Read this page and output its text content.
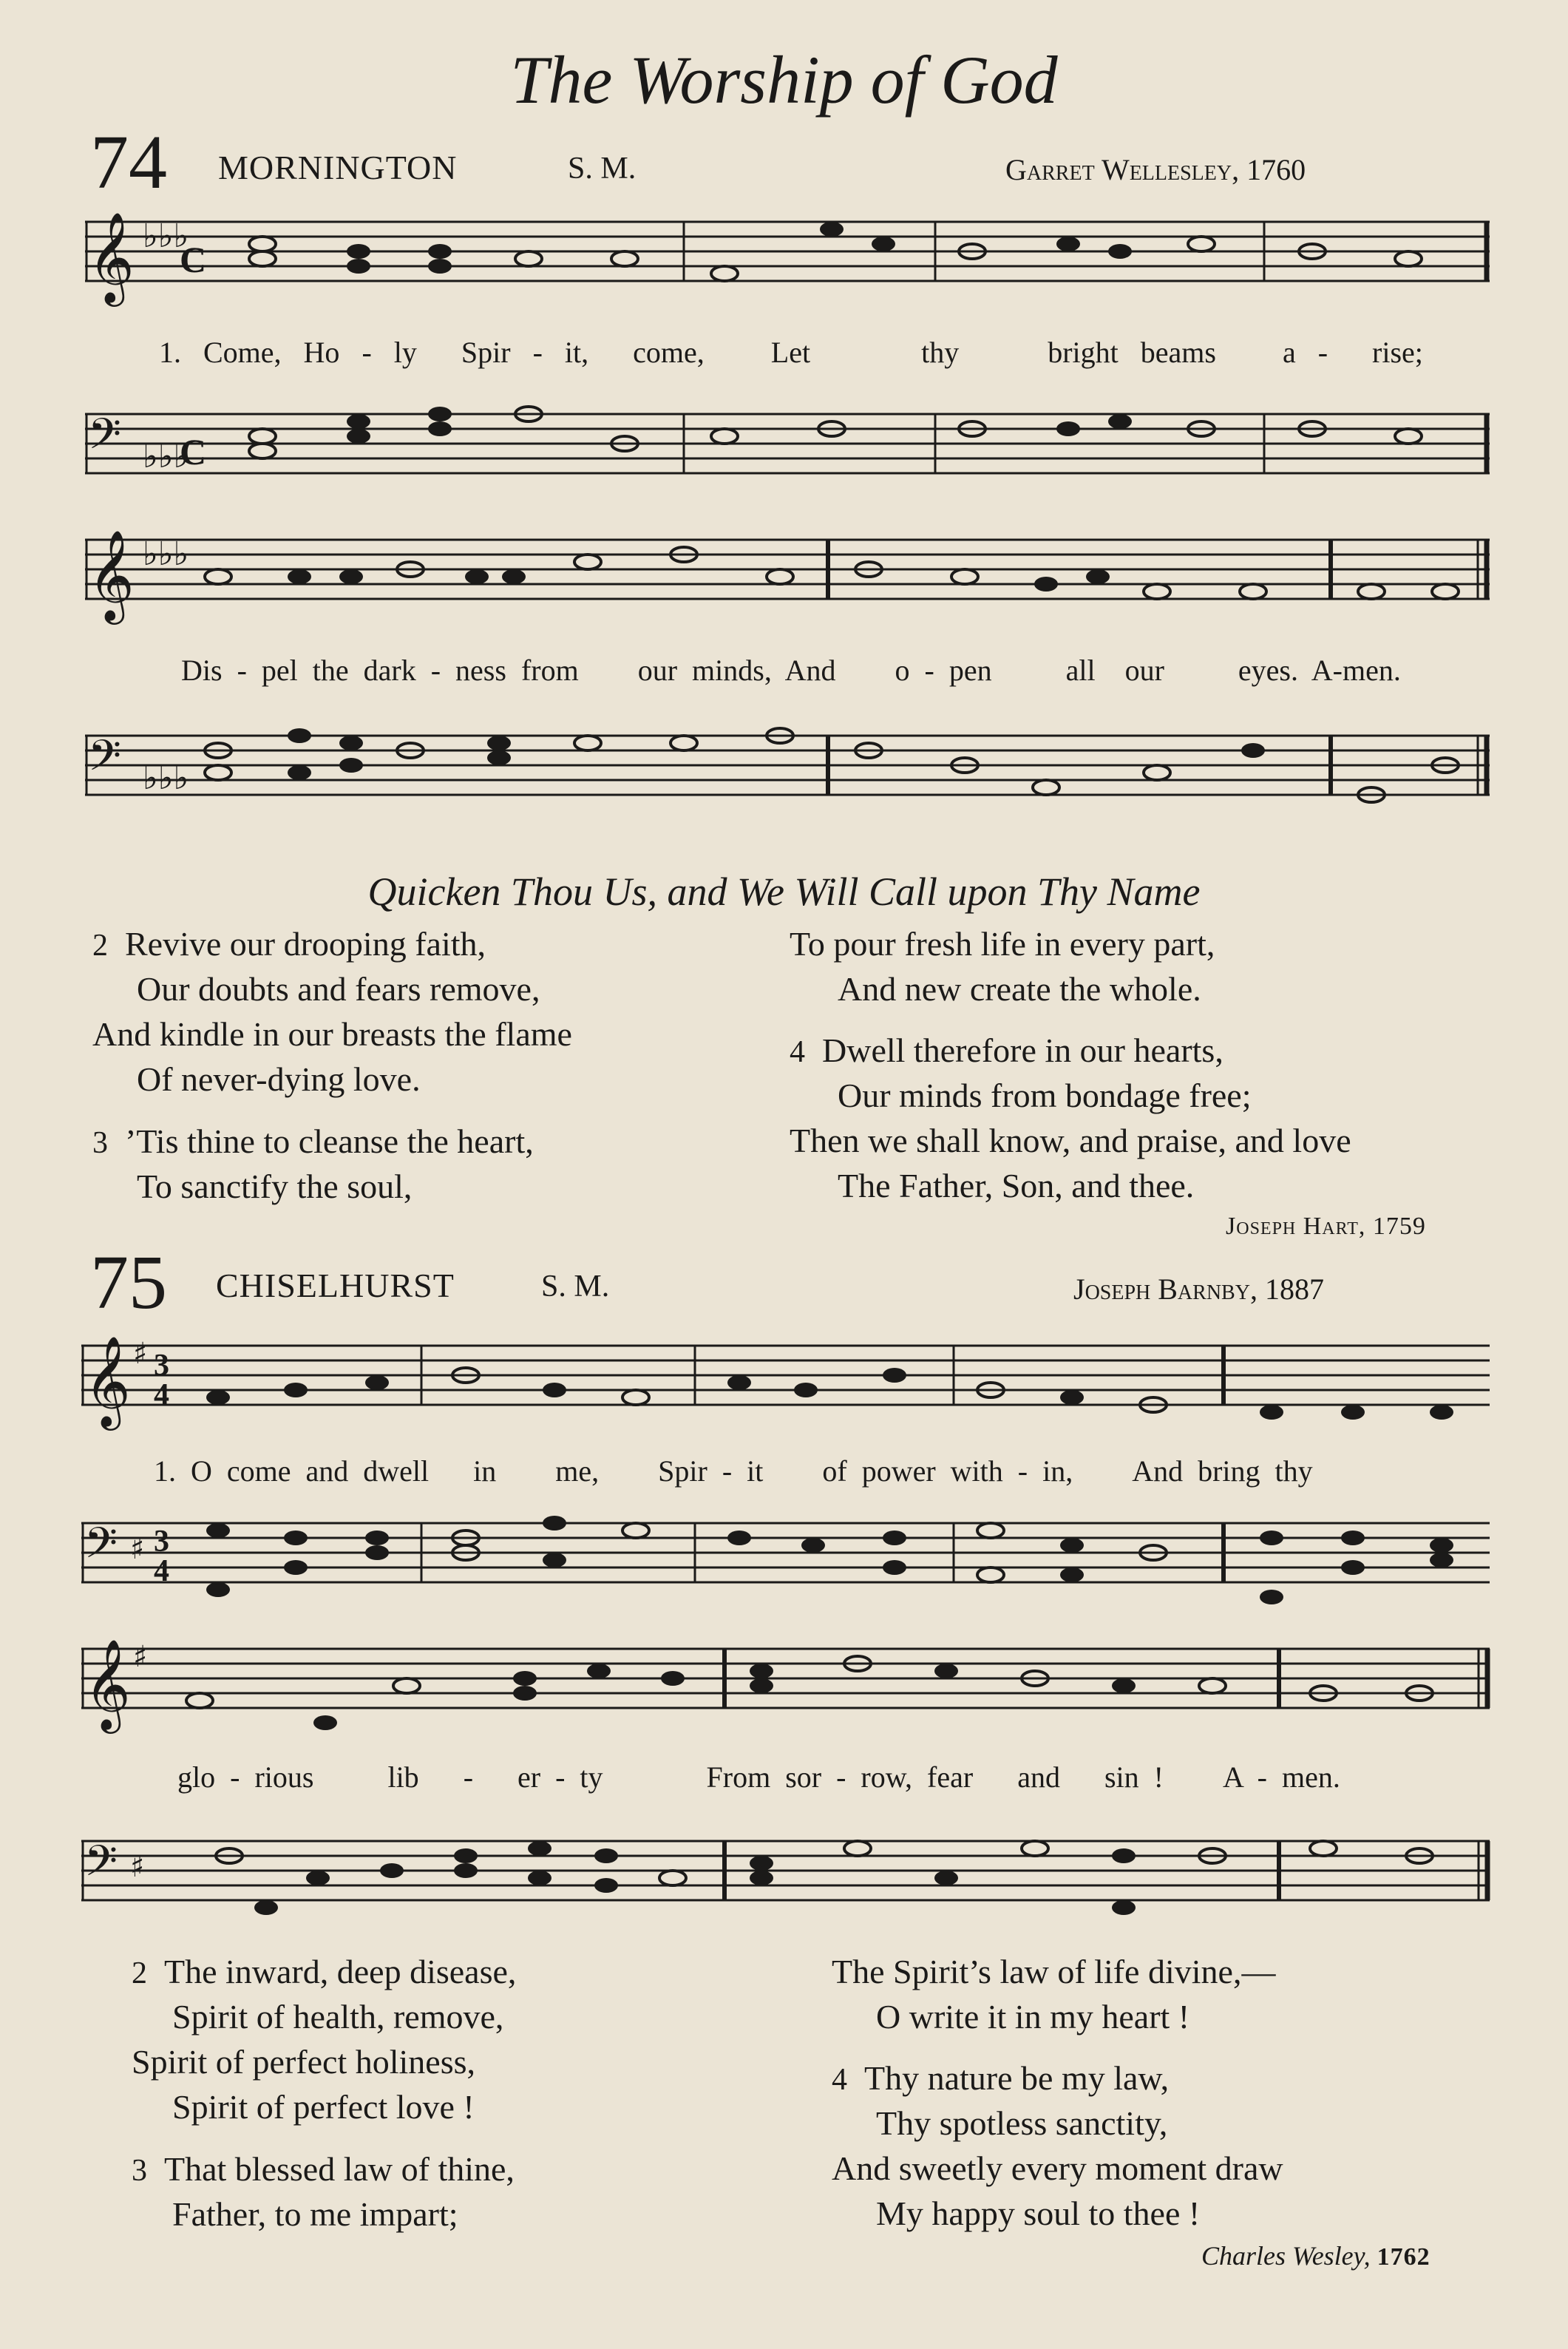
The Worship of God
74 MORNINGTON	S. M.	Garret Wellesley, 1760
𝄞 ♭♭♭
C
1. Come, Ho - ly Spir - it, come, Let	thy	bright beams a - rise;
𝄢 ♭♭♭
C
𝄞 ♭♭♭
Dis - pel the dark - ness from our minds, And o - pen	all our	eyes. A-men.
𝄢 ♭♭♭
Quicken Thou Us, and We Will Call upon Thy Name
2 Revive our drooping faith,
Our doubts and fears remove,
And kindle in our breasts the flame
Of never-dying love.
3 ’Tis thine to cleanse the heart,
To sanctify the soul,
To pour fresh life in every part,
And new create the whole.
4 Dwell therefore in our hearts,
Our minds from bondage free;
Then we shall know, and praise, and love
The Father, Son, and thee.
Joseph Hart, 1759
75 CHISELHURST	S. M.	Joseph Barnby, 1887
𝄞 ♯ 3
4
1. O come and dwell in me, Spir - it of power with - in, And bring thy
𝄢 ♯ 3
4
𝄞 ♯
glo - rious	lib - er - ty	From sor - row, fear and sin ! A - men.
𝄢 ♯
2 The inward, deep disease,
Spirit of health, remove,
Spirit of perfect holiness,
Spirit of perfect love !
3 That blessed law of thine,
Father, to me impart;
The Spirit’s law of life divine,—
O write it in my heart !
4 Thy nature be my law,
Thy spotless sanctity,
And sweetly every moment draw
My happy soul to thee !
Charles Wesley, 1762
